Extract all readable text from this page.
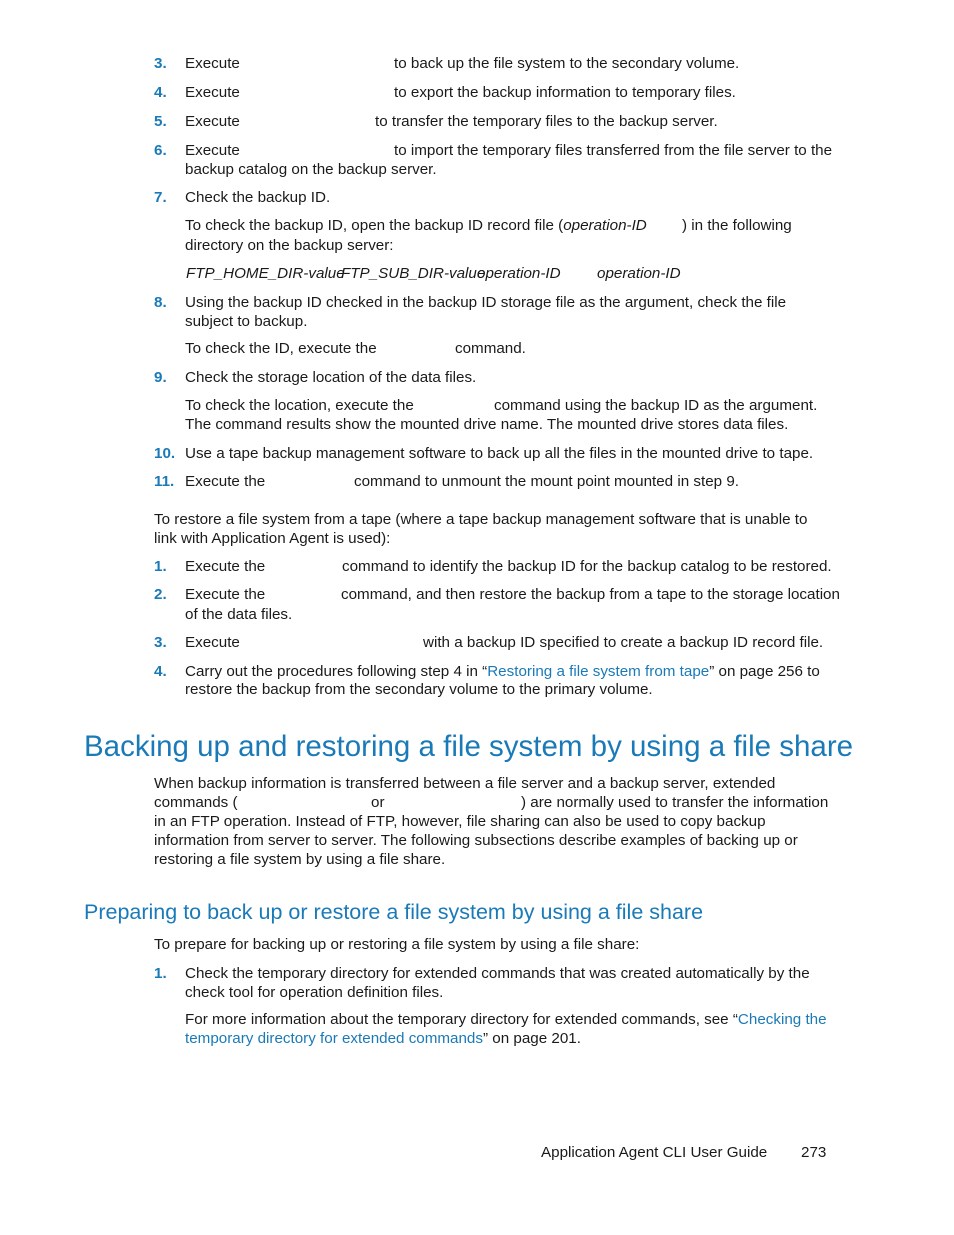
3. Execute	to back up the file system to the secondary volume.
4. Execute	to export the backup information to temporary files.
5. Execute	to transfer the temporary files to the backup server.
6. Execute	to import the temporary files transferred from the file server to the
backup catalog on the backup server.
7. Check the backup ID.
To check the backup ID, open the backup ID record file (operation-ID ) in the following
directory on the backup server:
FTP_HOME_DIR-value
FTP_SUB_DIR-value
operation-ID operation-ID
8. Using the backup ID checked in the backup ID storage file as the argument, check the file subject to backup.
To check the ID, execute the	command.
9. Check the storage location of the data files.
To check the location, execute the	command using the backup ID as the argument.
The command results show the mounted drive name. The mounted drive stores data files.
10. Use a tape backup management software to back up all the files in the mounted drive to tape.
11. Execute the	command to unmount the mount point mounted in step 9.
To restore a file system from a tape (where a tape backup management software that is unable to link with Application Agent is used):
1. Execute the	command to identify the backup ID for the backup catalog to be restored.
2. Execute the	command, and then restore the backup from a tape to the storage location
of the data files.
3. Execute	with a backup ID specified to create a backup ID record file.
4. Carry out the procedures following step 4 in “Restoring a file system from tape” on page 256 to
restore the backup from the secondary volume to the primary volume.
Backing up and restoring a file system by using a file share
When backup information is transferred between a file server and a backup server, extended
commands (	or	) are normally used to transfer the information
in an FTP operation. Instead of FTP, however, file sharing can also be used to copy backup information from server to server. The following subsections describe examples of backing up or restoring a file system by using a file share.
Preparing to back up or restore a file system by using a file share
To prepare for backing up or restoring a file system by using a file share:
1. Check the temporary directory for extended commands that was created automatically by the check tool for operation definition files.
For more information about the temporary directory for extended commands, see “Checking the
temporary directory for extended commands” on page 201.
Application Agent CLI User Guide 273
